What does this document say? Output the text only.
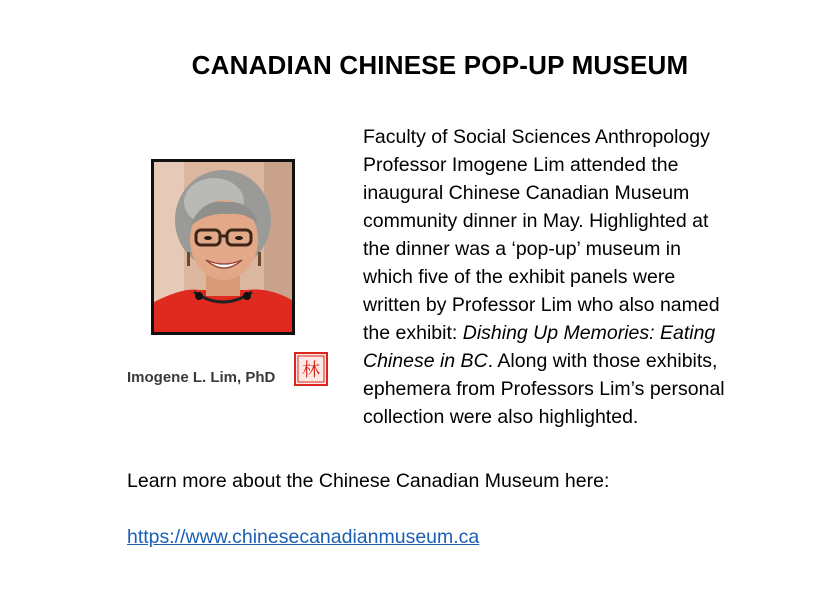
CANADIAN CHINESE POP-UP MUSEUM
Imogene L. Lim, PhD 林
Faculty of Social Sciences Anthropology
Professor Imogene Lim attended the
inaugural Chinese Canadian Museum
community dinner in May. Highlighted at
the dinner was a ‘pop-up’ museum in
which five of the exhibit panels were
written by Professor Lim who also named
the exhibit: Dishing Up Memories: Eating
Chinese in BC. Along with those exhibits,
ephemera from Professors Lim’s personal
collection were also highlighted.
Learn more about the Chinese Canadian Museum here:
https://www.chinesecanadianmuseum.ca
